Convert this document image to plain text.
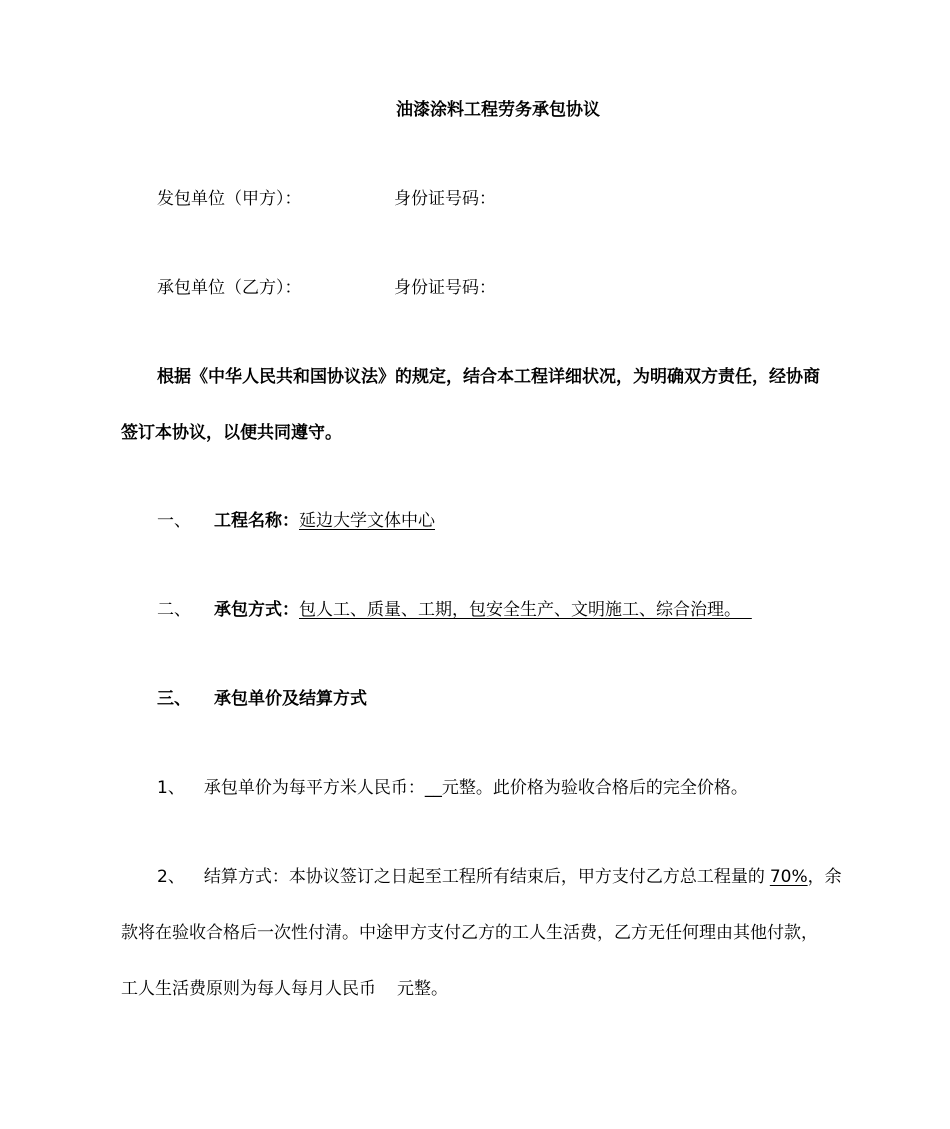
油漆涂料工程劳务承包协议
发包单位（甲方）：	身份证号码：
承包单位（乙方）：	身份证号码：
根据《中华人民共和国协议法》的规定，结合本工程详细状况，为明确双方责任，经协商
签订本协议，以便共同遵守。
一、 工程名称：延边大学文体中心
二、 承包方式：包人工、质量、工期，包安全生产、文明施工、综合治理。
三、 承包单价及结算方式
1、 承包单价为每平方米人民币：__元整。此价格为验收合格后的完全价格。
2、 结算方式：本协议签订之日起至工程所有结束后，甲方支付乙方总工程量的 70%，余
款将在验收合格后一次性付清。中途甲方支付乙方的工人生活费，乙方无任何理由其他付款，
工人生活费原则为每人每月人民币 元整。
